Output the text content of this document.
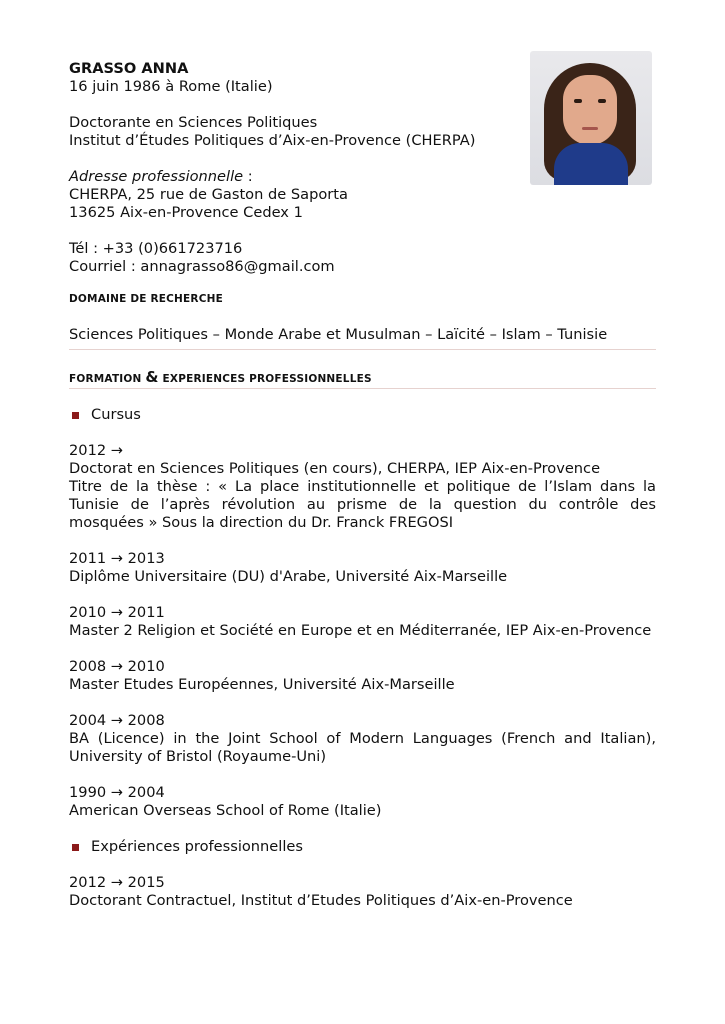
GRASSO ANNA
16 juin 1986 à Rome (Italie)
Doctorante en Sciences Politiques
Institut d’Études Politiques d’Aix-en-Provence (CHERPA)
Adresse professionnelle :
CHERPA, 25 rue de Gaston de Saporta
13625 Aix-en-Provence Cedex 1
Tél : +33 (0)661723716
Courriel : annagrasso86@gmail.com
DOMAINE DE RECHERCHE
Sciences Politiques – Monde Arabe et Musulman – Laïcité – Islam – Tunisie
FORMATION & EXPERIENCES PROFESSIONNELLES
Cursus
2012 →
Doctorat en Sciences Politiques (en cours), CHERPA, IEP Aix-en-Provence
Titre de la thèse : « La place institutionnelle et politique de l’Islam dans la Tunisie de l’après révolution au prisme de la question du contrôle des mosquées » Sous la direction du Dr. Franck FREGOSI
2011 → 2013
Diplôme Universitaire (DU) d'Arabe, Université Aix-Marseille
2010 → 2011
Master 2 Religion et Société en Europe et en Méditerranée, IEP Aix-en-Provence
2008 → 2010
Master Etudes Européennes, Université Aix-Marseille
2004 → 2008
BA (Licence) in the Joint School of Modern Languages (French and Italian), University of Bristol (Royaume-Uni)
1990 → 2004
American Overseas School of Rome (Italie)
Expériences professionnelles
2012 → 2015
Doctorant Contractuel, Institut d’Etudes Politiques d’Aix-en-Provence
